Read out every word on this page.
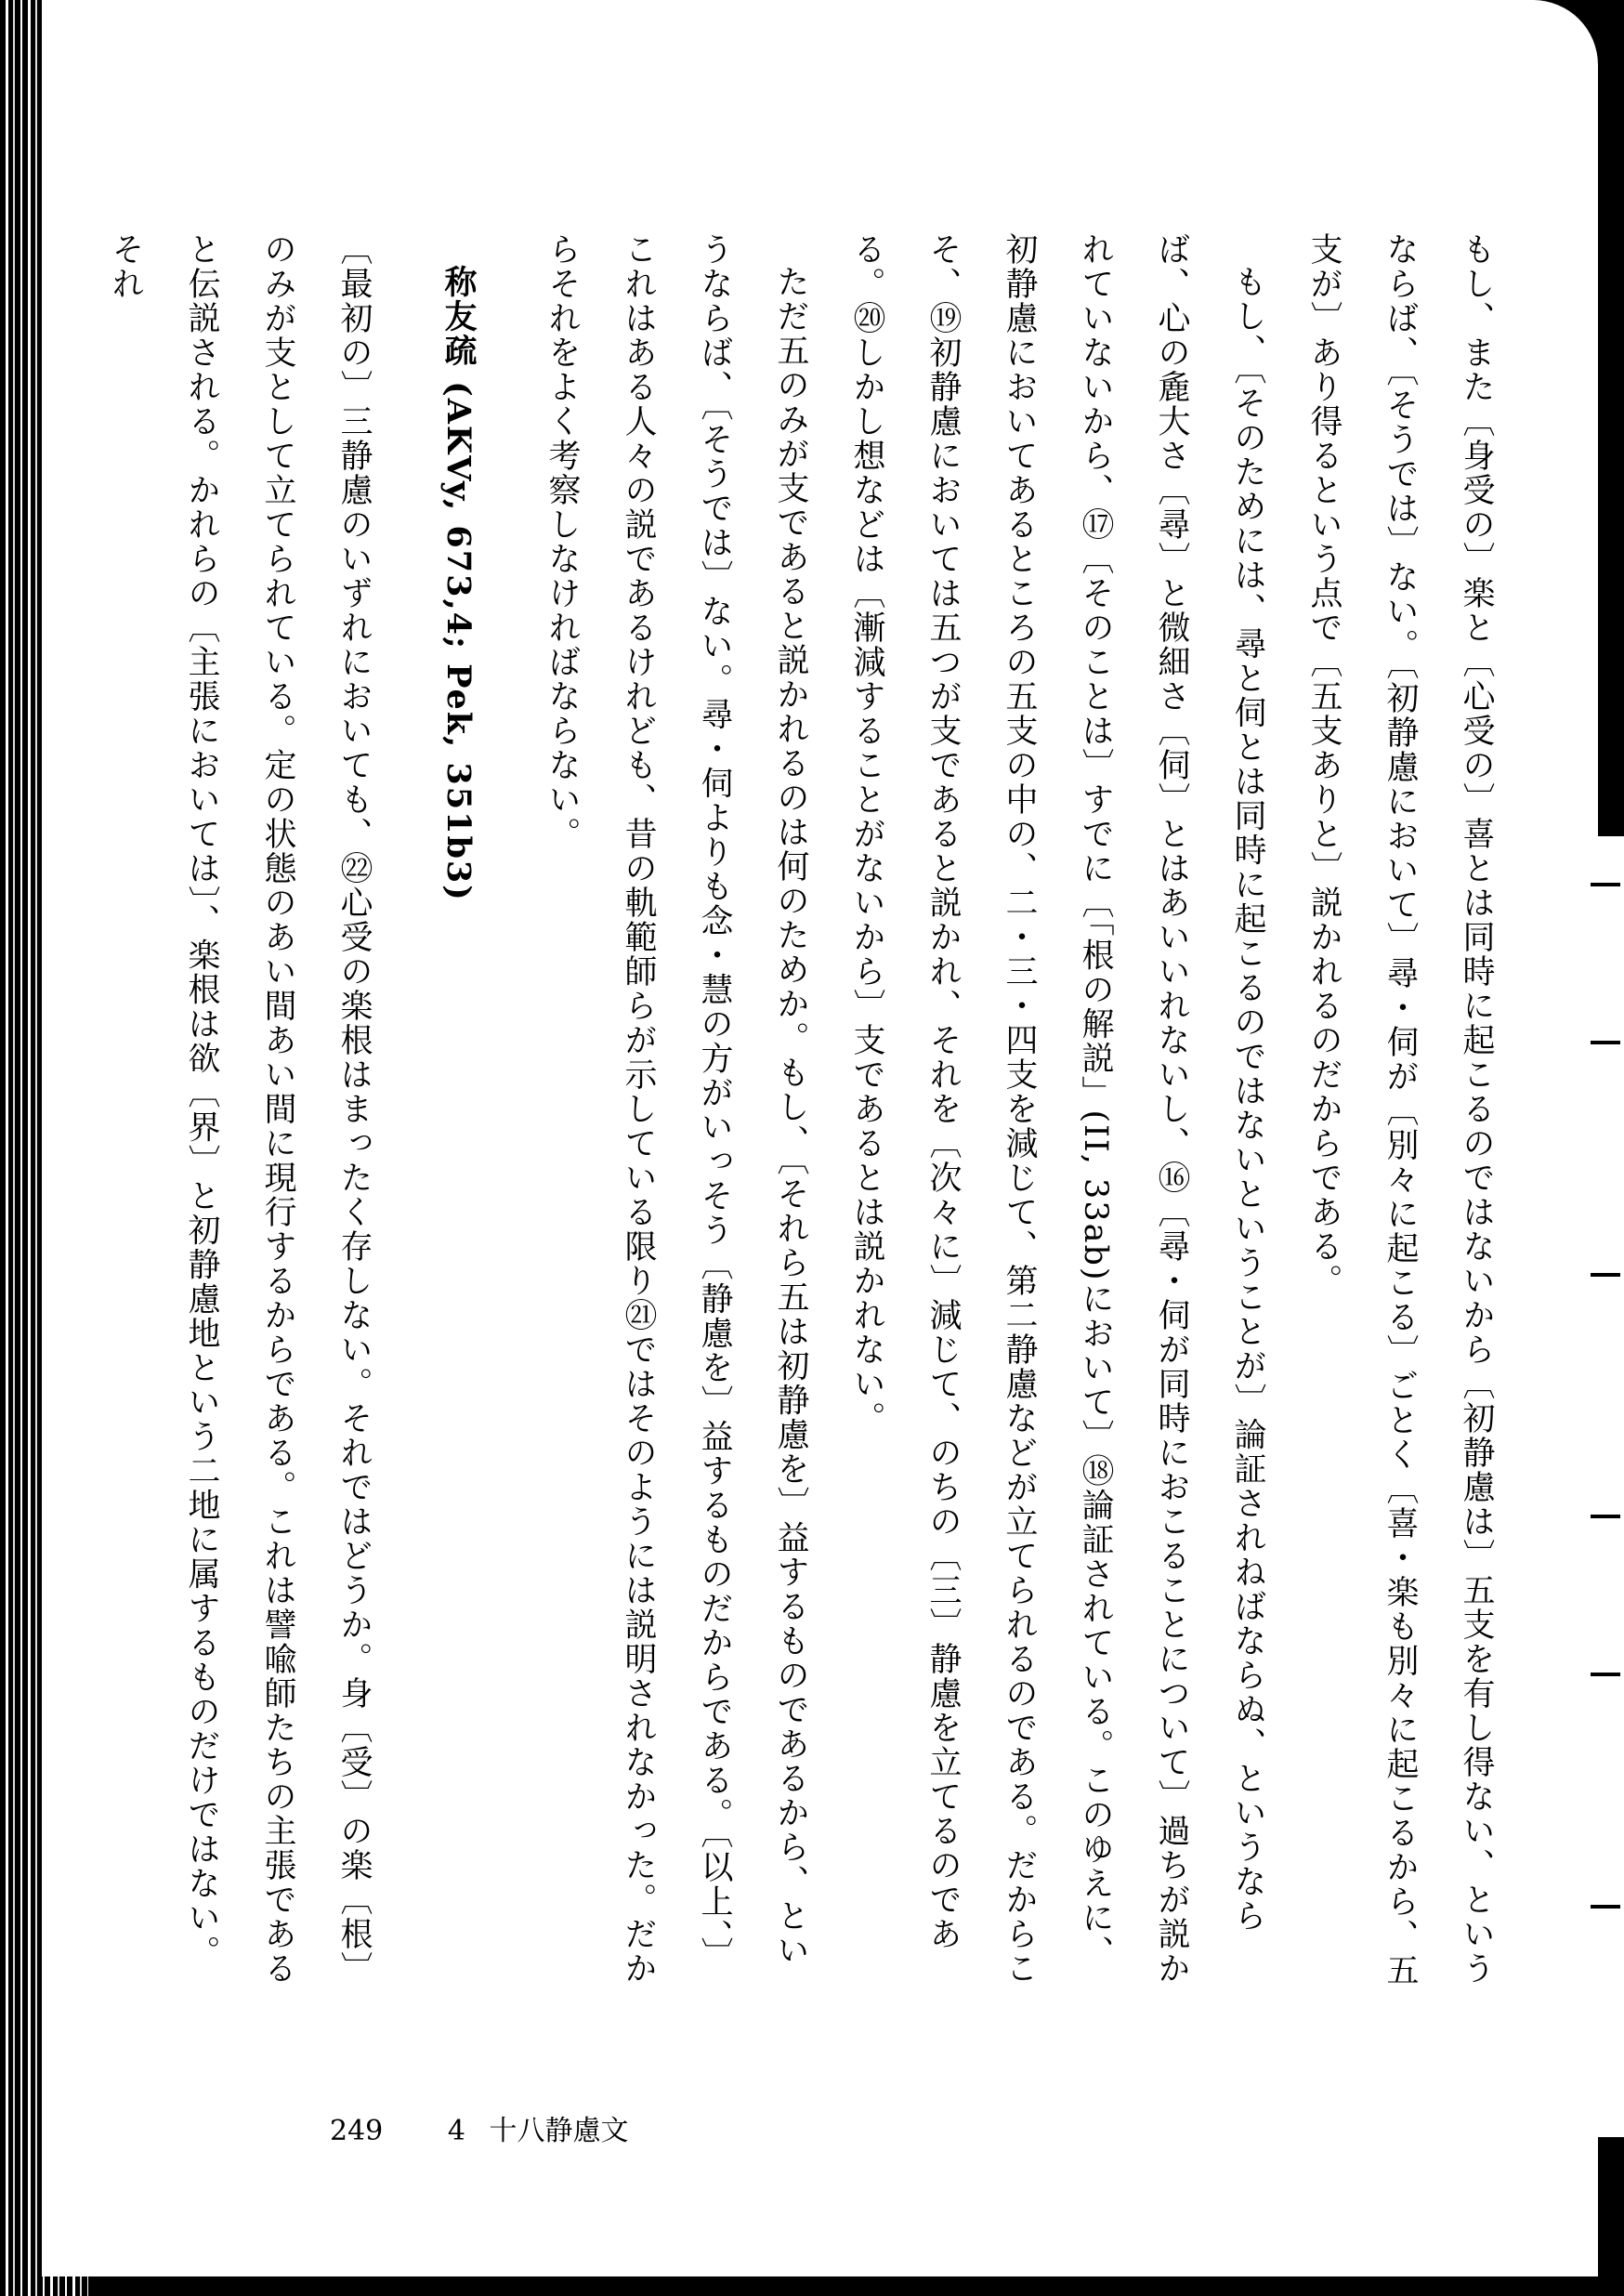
もし、また〔身受の〕楽と〔心受の〕喜とは同時に起こるのではないから〔初静慮は〕五支を有し得ない、というならば、〔そうでは〕ない。〔初静慮において〕尋・伺が〔別々に起こる〕ごとく〔喜・楽も別々に起こるから、五支が〕あり得るという点で〔五支ありと〕説かれるのだからである。

もし、〔そのためには、尋と伺とは同時に起こるのではないということが〕論証されねばならぬ、というならば、心の麁大さ〔尋〕と微細さ〔伺〕とはあいいれないし、⑯〔尋・伺が同時におこることについて〕過ちが説かれていないから、⑰〔そのことは〕すでに〔「根の解説」(II, 33ab)において〕⑱論証されている。このゆえに、初静慮においてあるところの五支の中の、二・三・四支を減じて、第二静慮などが立てられるのである。だからこそ、⑲初静慮においては五つが支であると説かれ、それを〔次々に〕減じて、のちの〔三〕静慮を立てるのである。⑳しかし想などは〔漸減することがないから〕支であるとは説かれない。

ただ五のみが支であると説かれるのは何のためか。もし、〔それら五は初静慮を〕益するものであるから、というならば、〔そうでは〕ない。尋・伺よりも念・慧の方がいっそう〔静慮を〕益するものだからである。〔以上、〕これはある人々の説であるけれども、昔の軌範師らが示している限り㉑ではそのようには説明されなかった。だからそれをよく考察しなければならない。

称友疏 (AKVy, 673,4; Pek, 351b3)

〔最初の〕三静慮のいずれにおいても、㉒心受の楽根はまったく存しない。それではどうか。身〔受〕の楽〔根〕のみが支として立てられている。定の状態のあい間あい間に現行するからである。これは譬喩師たちの主張であると伝説される。かれらの〔主張においては〕、楽根は欲〔界〕と初静慮地という二地に属するものだけではない。それ

249 4 十八静慮文
